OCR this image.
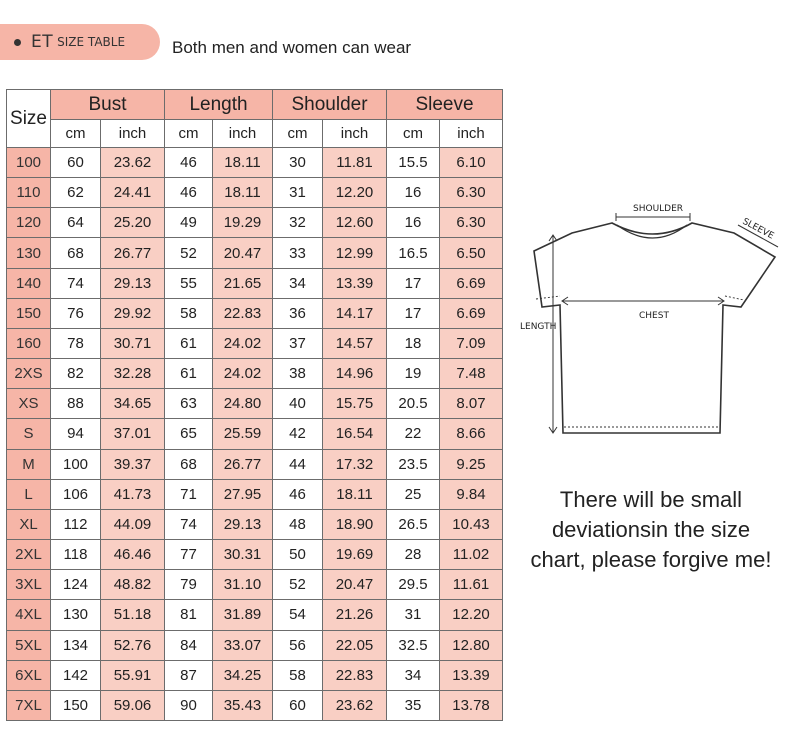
ET SIZE TABLE	Both men and women can wear
Size	Bust		Length		Shoulder		Sleeve	
	cm	inch	cm	inch	cm	inch	cm	inch
100	60	23.62	46	18.11	30	11.81	15.5	6.10
110	62	24.41	46	18.11	31	12.20	16	6.30
120	64	25.20	49	19.29	32	12.60	16	6.30
130	68	26.77	52	20.47	33	12.99	16.5	6.50
140	74	29.13	55	21.65	34	13.39	17	6.69
150	76	29.92	58	22.83	36	14.17	17	6.69
160	78	30.71	61	24.02	37	14.57	18	7.09
2XS	82	32.28	61	24.02	38	14.96	19	7.48
XS	88	34.65	63	24.80	40	15.75	20.5	8.07
S	94	37.01	65	25.59	42	16.54	22	8.66
M	100	39.37	68	26.77	44	17.32	23.5	9.25
L	106	41.73	71	27.95	46	18.11	25	9.84
XL	112	44.09	74	29.13	48	18.90	26.5	10.43
2XL	118	46.46	77	30.31	50	19.69	28	11.02
3XL	124	48.82	79	31.10	52	20.47	29.5	11.61
4XL	130	51.18	81	31.89	54	21.26	31	12.20
5XL	134	52.76	84	33.07	56	22.05	32.5	12.80
6XL	142	55.91	87	34.25	58	22.83	34	13.39
7XL	150	59.06	90	35.43	60	23.62	35	13.78
SHOULDER
SLEEVE
CHEST
LENGTH
There will be small
deviationsin the size
chart, please forgive me!
